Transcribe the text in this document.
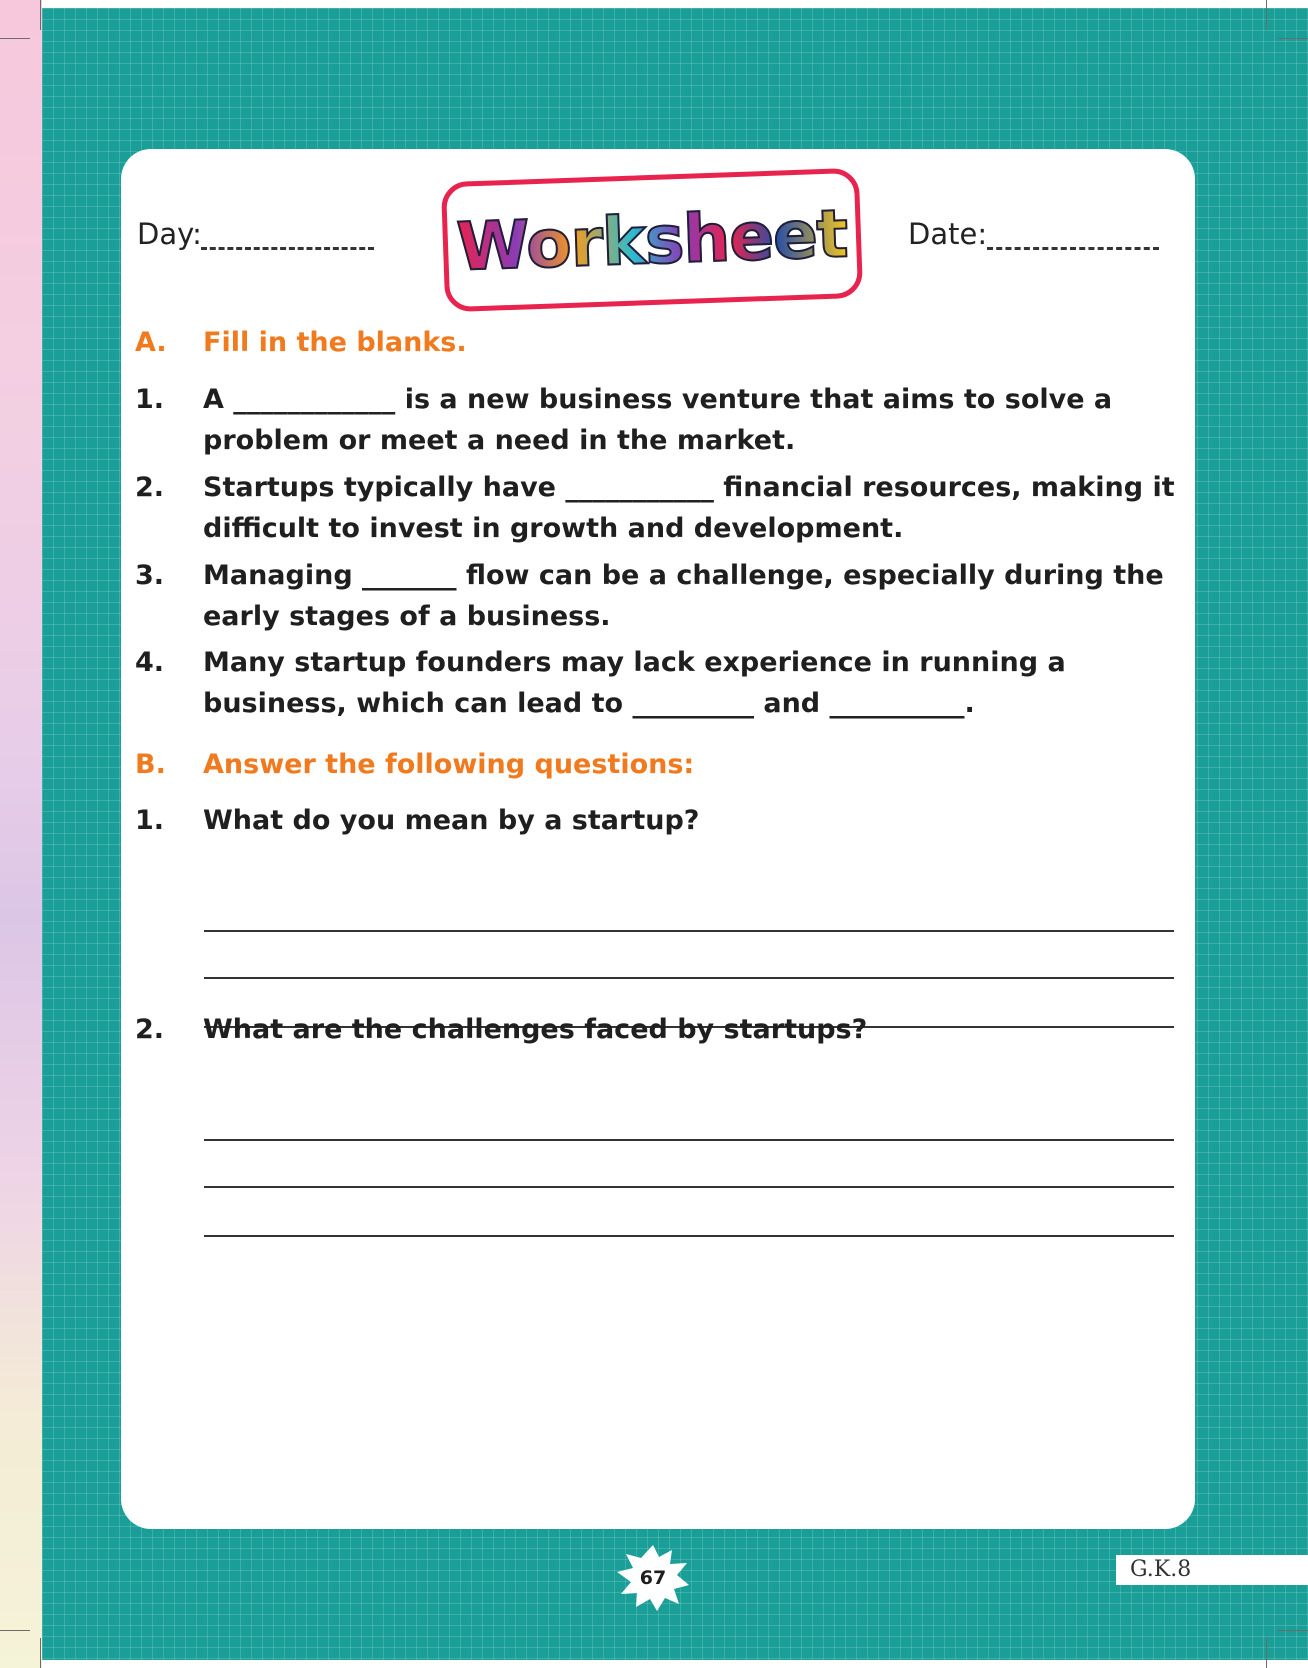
Day:	Worksheet Date:
A. Fill in the blanks.
1. A ____________ is a new business venture that aims to solve a problem or meet a need in the market.
2. Startups typically have ___________ financial resources, making it difficult to invest in growth and development.
3. Managing _______ flow can be a challenge, especially during the early stages of a business.
4. Many startup founders may lack experience in running a business, which can lead to _________ and __________.
B. Answer the following questions:
1. What do you mean by a startup?
2. What are the challenges faced by startups?
67	G.K.8
